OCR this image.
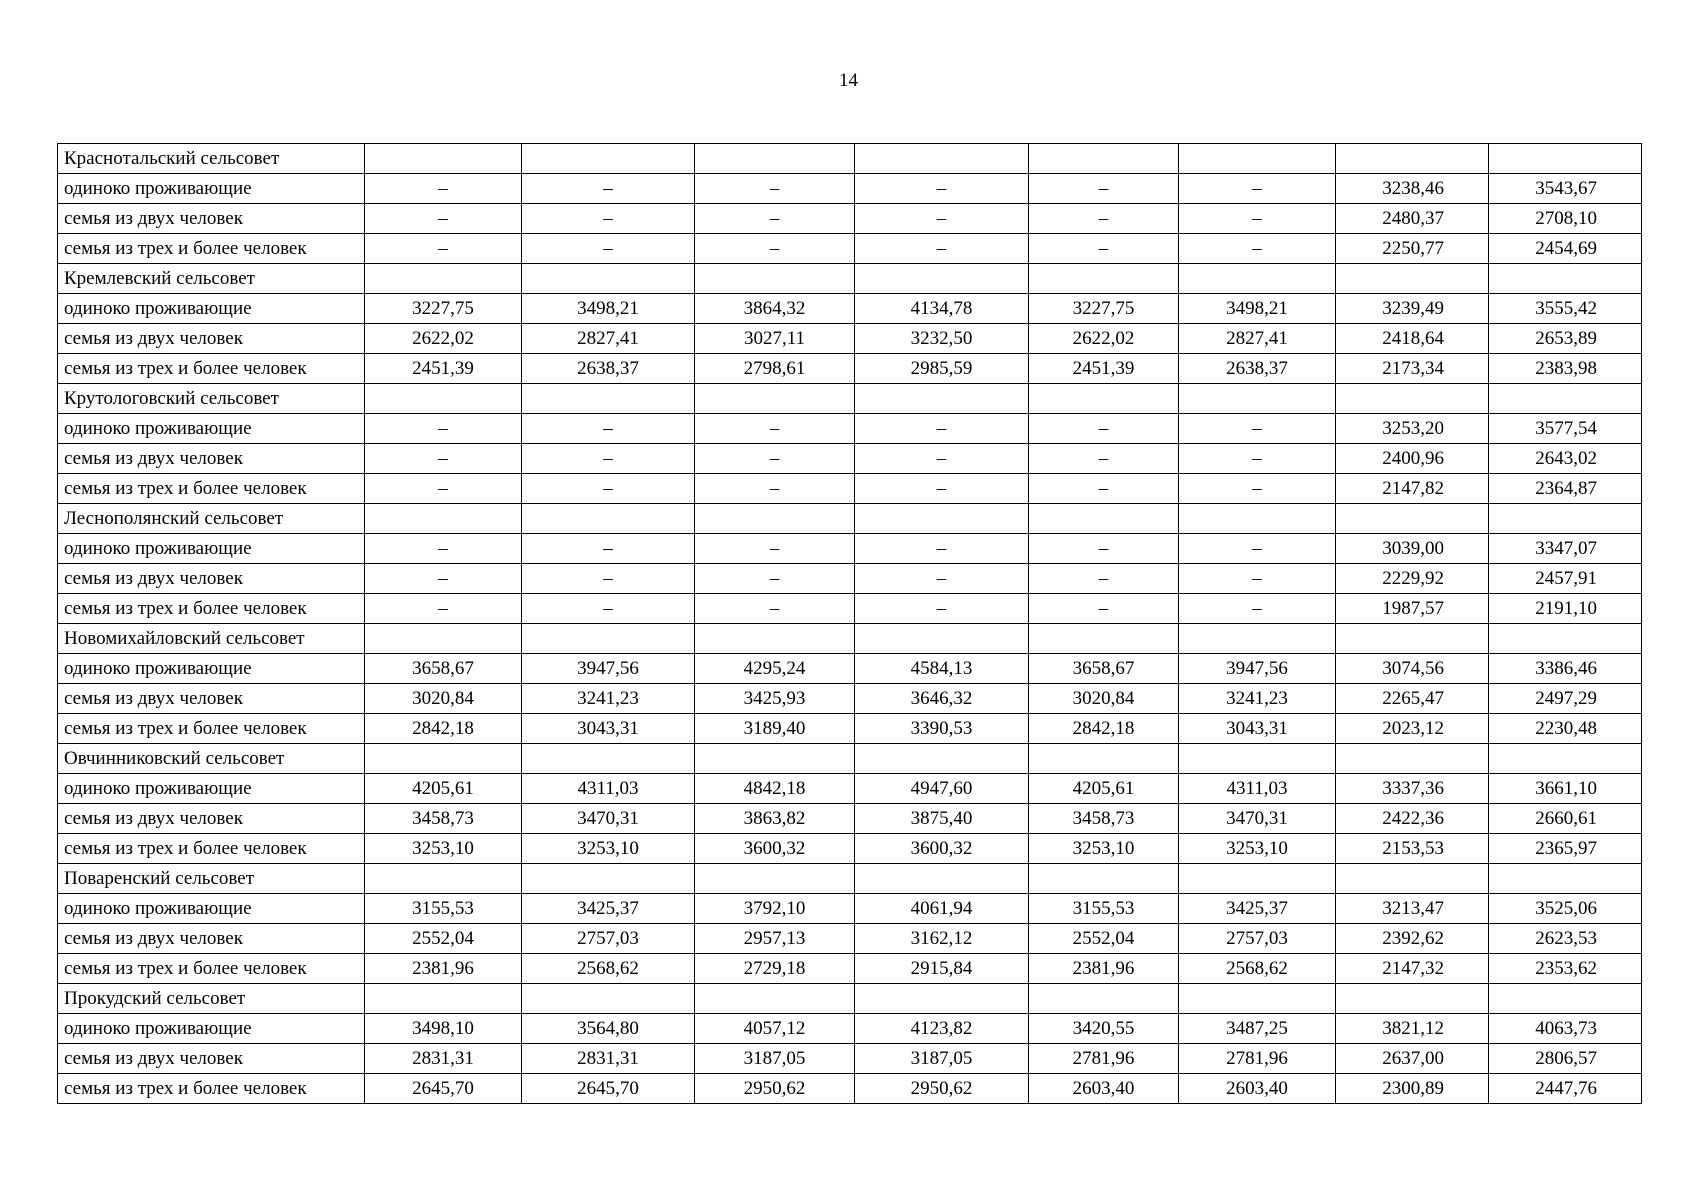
14
Краснотальский сельсовет								
одиноко проживающие	–	–	–	–	–	–	3238,46	3543,67
семья из двух человек	–	–	–	–	–	–	2480,37	2708,10
семья из трех и более человек	–	–	–	–	–	–	2250,77	2454,69
Кремлевский сельсовет								
одиноко проживающие	3227,75	3498,21	3864,32	4134,78	3227,75	3498,21	3239,49	3555,42
семья из двух человек	2622,02	2827,41	3027,11	3232,50	2622,02	2827,41	2418,64	2653,89
семья из трех и более человек	2451,39	2638,37	2798,61	2985,59	2451,39	2638,37	2173,34	2383,98
Крутологовский сельсовет								
одиноко проживающие	–	–	–	–	–	–	3253,20	3577,54
семья из двух человек	–	–	–	–	–	–	2400,96	2643,02
семья из трех и более человек	–	–	–	–	–	–	2147,82	2364,87
Леснополянский сельсовет								
одиноко проживающие	–	–	–	–	–	–	3039,00	3347,07
семья из двух человек	–	–	–	–	–	–	2229,92	2457,91
семья из трех и более человек	–	–	–	–	–	–	1987,57	2191,10
Новомихайловский сельсовет								
одиноко проживающие	3658,67	3947,56	4295,24	4584,13	3658,67	3947,56	3074,56	3386,46
семья из двух человек	3020,84	3241,23	3425,93	3646,32	3020,84	3241,23	2265,47	2497,29
семья из трех и более человек	2842,18	3043,31	3189,40	3390,53	2842,18	3043,31	2023,12	2230,48
Овчинниковский сельсовет								
одиноко проживающие	4205,61	4311,03	4842,18	4947,60	4205,61	4311,03	3337,36	3661,10
семья из двух человек	3458,73	3470,31	3863,82	3875,40	3458,73	3470,31	2422,36	2660,61
семья из трех и более человек	3253,10	3253,10	3600,32	3600,32	3253,10	3253,10	2153,53	2365,97
Поваренский сельсовет								
одиноко проживающие	3155,53	3425,37	3792,10	4061,94	3155,53	3425,37	3213,47	3525,06
семья из двух человек	2552,04	2757,03	2957,13	3162,12	2552,04	2757,03	2392,62	2623,53
семья из трех и более человек	2381,96	2568,62	2729,18	2915,84	2381,96	2568,62	2147,32	2353,62
Прокудский сельсовет								
одиноко проживающие	3498,10	3564,80	4057,12	4123,82	3420,55	3487,25	3821,12	4063,73
семья из двух человек	2831,31	2831,31	3187,05	3187,05	2781,96	2781,96	2637,00	2806,57
семья из трех и более человек	2645,70	2645,70	2950,62	2950,62	2603,40	2603,40	2300,89	2447,76
